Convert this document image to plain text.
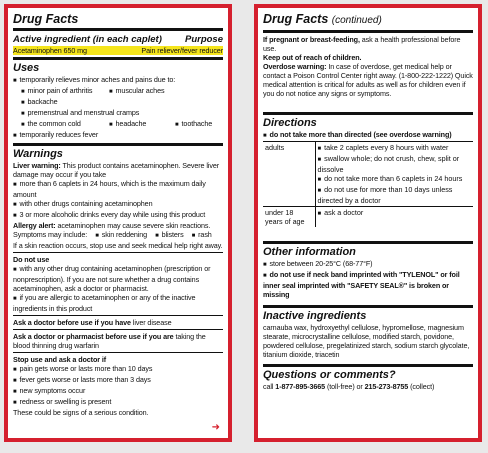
Drug Facts
Active ingredient (in each caplet) Purpose
Acetaminophen 650 mg	Pain reliever/fever reducer
Uses
■ temporarily relieves minor aches and pains due to:
■ minor pain of arthritis	■ muscular aches
■ backache
■ premenstrual and menstrual cramps
■ the common cold	■ headache	■ toothache
■ temporarily reduces fever
Warnings
Liver warning: This product contains acetaminophen. Severe liver damage may occur if you take
■ more than 6 caplets in 24 hours, which is the maximum daily amount
■ with other drugs containing acetaminophen
■ 3 or more alcoholic drinks every day while using this product
Allergy alert: acetaminophen may cause severe skin reactions.
Symptoms may include:	■ skin reddening	■ blisters	■ rash
If a skin reaction occurs, stop use and seek medical help right away.
Do not use
■ with any other drug containing acetaminophen (prescription or nonprescription). If you are not sure whether a drug contains acetaminophen, ask a doctor or pharmacist.
■ if you are allergic to acetaminophen or any of the inactive ingredients in this product
Ask a doctor before use if you have liver disease
Ask a doctor or pharmacist before use if you are taking the blood thinning drug warfarin
Stop use and ask a doctor if
■ pain gets worse or lasts more than 10 days
■ fever gets worse or lasts more than 3 days
■ new symptoms occur
■ redness or swelling is present
These could be signs of a serious condition.
➜
Drug Facts (continued)
If pregnant or breast-feeding, ask a health professional before use.
Keep out of reach of children.
Overdose warning: In case of overdose, get medical help or contact a Poison Control Center right away. (1-800-222-1222) Quick medical attention is critical for adults as well as for children even if you do not notice any signs or symptoms.
Directions
■ do not take more than directed (see overdose warning)
adults	■ take 2 caplets every 8 hours with water
■ swallow whole; do not crush, chew, split or dissolve
■ do not take more than 6 caplets in 24 hours
■ do not use for more than 10 days unless directed by a doctor

under 18 years of age	■ ask a doctor
Other information
■ store between 20-25°C (68-77°F)
■ do not use if neck band imprinted with "TYLENOL" or foil inner seal imprinted with "SAFETY SEAL®" is broken or missing
Inactive ingredients
carnauba wax, hydroxyethyl cellulose, hypromellose, magnesium stearate, microcrystalline cellulose, modified starch, povidone, powdered cellulose, pregelatinized starch, sodium starch glycolate, titanium dioxide, triacetin
Questions or comments?
call 1-877-895-3665 (toll-free) or 215-273-8755 (collect)
